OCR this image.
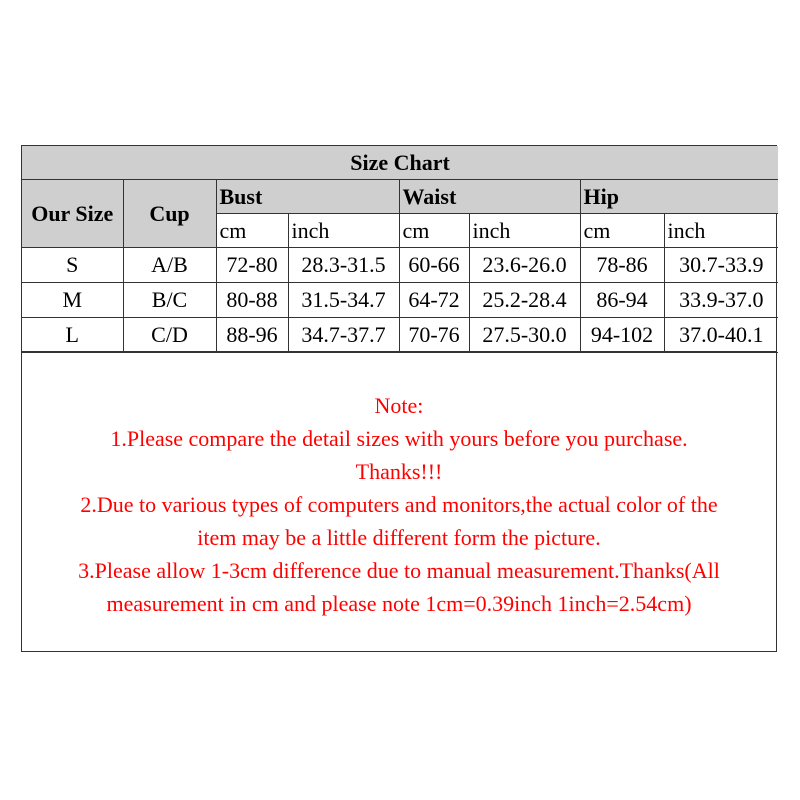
Size Chart							
Our Size	Cup	Bust		Waist		Hip	
		cm	inch	cm	inch	cm	inch
S	A/B	72-80	28.3-31.5	60-66	23.6-26.0	78-86	30.7-33.9
M	B/C	80-88	31.5-34.7	64-72	25.2-28.4	86-94	33.9-37.0
L	C/D	88-96	34.7-37.7	70-76	27.5-30.0	94-102	37.0-40.1
Note:
1.Please compare the detail sizes with yours before you purchase.
Thanks!!!
2.Due to various types of computers and monitors,the actual color of the
item may be a little different form the picture.
3.Please allow 1-3cm difference due to manual measurement.Thanks(All
measurement in cm and please note 1cm=0.39inch 1inch=2.54cm)
